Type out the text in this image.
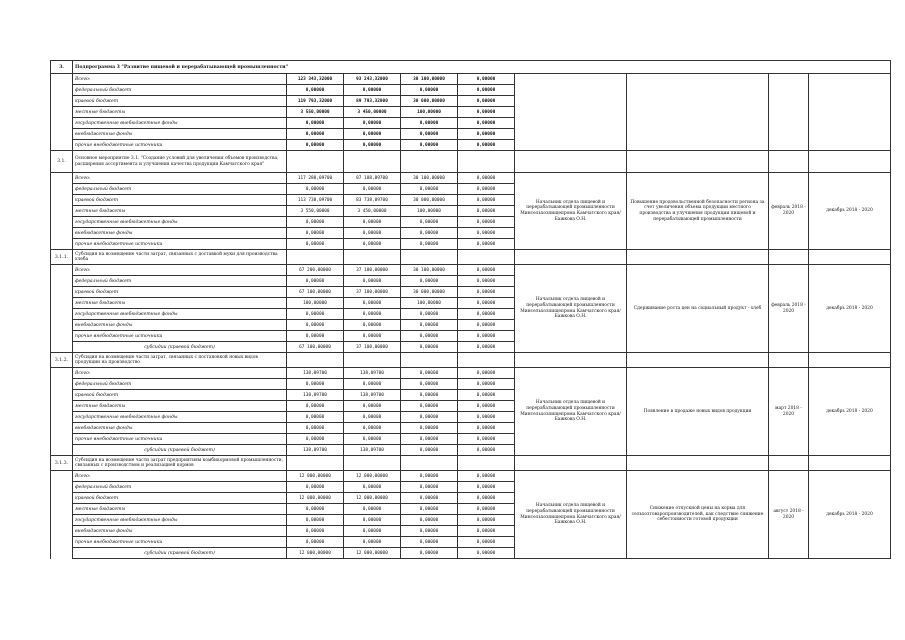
3.	Подпрограмма 3 "Развитие пищевой и перерабатывающей промышленности"								
	Всего:	123 343,32000	93 243,32000	30 100,00000	0,00000				
	федеральный бюджет	0,00000	0,00000	0,00000	0,00000				
	краевой бюджет	119 793,32000	89 793,32000	30 000,00000	0,00000				
	местные бюджеты	3 550,00000	3 450,00000	100,00000	0,00000				
	государственные внебюджетные фонды	0,00000	0,00000	0,00000	0,00000				
	внебюджетные фонды	0,00000	0,00000	0,00000	0,00000				
	прочие внебюджетные источники	0,00000	0,00000	0,00000	0,00000				
3.1.	Основное мероприятие 3.1. "Создание условий для увеличения объемов производства, расширения ассортимента и улучшения качества продукции Камчатского края"								
	Всего:	117 288,09700	87 188,09700	30 100,00000	0,00000	Начальник отдела пищевой и перерабатывающей промышленности Минсельхозпищепрома Камчатского края/ Бажкова О.Н.	Повышение продовольственной безопасности региона за счет увеличения объема продукции местного производства и улучшения продукции пищевой и перерабатывающей промышленности	февраль 2018 - 2020	декабрь 2018 - 2020
	федеральный бюджет	0,00000	0,00000	0,00000	0,00000				
	краевой бюджет	113 738,09700	83 738,09700	30 000,00000	0,00000				
	местные бюджеты	3 550,00000	3 450,00000	100,00000	0,00000				
	государственные внебюджетные фонды	0,00000	0,00000	0,00000	0,00000				
	внебюджетные фонды	0,00000	0,00000	0,00000	0,00000				
	прочие внебюджетные источники	0,00000	0,00000	0,00000	0,00000				
3.1.1.	Субсидия на возмещение части затрат, связанных с доставкой муки для производства хлеба								
	Всего:	67 200,00000	37 100,00000	30 100,00000	0,00000	Начальник отдела пищевой и перерабатывающей промышленности Минсельхозпищепрома Камчатского края/ Бажкова О.Н.	Сдерживание роста цен на социальный продукт - хлеб	февраль 2018 - 2020	декабрь 2018 - 2020
	федеральный бюджет	0,00000	0,00000	0,00000	0,00000				
	краевой бюджет	67 100,00000	37 100,00000	30 000,00000	0,00000				
	местные бюджеты	100,00000	0,00000	100,00000	0,00000				
	государственные внебюджетные фонды	0,00000	0,00000	0,00000	0,00000				
	внебюджетные фонды	0,00000	0,00000	0,00000	0,00000				
	прочие внебюджетные источники	0,00000	0,00000	0,00000	0,00000				
	субсидии (краевой бюджет)	67 100,00000	37 100,00000	0,00000	0,00000				
3.1.2.	Субсидия на возмещение части затрат, связанных с постановкой новых видов продукции на производство								
	Всего:	138,09700	138,09700	0,00000	0,00000	Начальник отдела пищевой и перерабатывающей промышленности Минсельхозпищепрома Камчатского края/ Бажкова О.Н.	Появление в продаже новых видов продукции	март 2018 - 2020	декабрь 2018 - 2020
	федеральный бюджет	0,00000	0,00000	0,00000	0,00000				
	краевой бюджет	138,09700	138,09700	0,00000	0,00000				
	местные бюджеты	0,00000	0,00000	0,00000	0,00000				
	государственные внебюджетные фонды	0,00000	0,00000	0,00000	0,00000				
	внебюджетные фонды	0,00000	0,00000	0,00000	0,00000				
	прочие внебюджетные источники	0,00000	0,00000	0,00000	0,00000				
	субсидии (краевой бюджет)	138,09700	138,09700	0,00000	0,00000				
3.1.3.	Субсидия на возмещение части затрат предприятиям комбикормовой промышленности, связанных с производством и реализацией кормов								
	Всего:	12 000,00000	12 000,00000	0,00000	0,00000	Начальник отдела пищевой и перерабатывающей промышленности Минсельхозпищепрома Камчатского края/ Бажкова О.Н.	Снижение отпускной цены на корма для сельхозтоваропроизводителей, как следствие снижение себестоимости готовой продукции	август 2018 - 2020	декабрь 2018 - 2020
	федеральный бюджет	0,00000	0,00000	0,00000	0,00000				
	краевой бюджет	12 000,00000	12 000,00000	0,00000	0,00000				
	местные бюджеты	0,00000	0,00000	0,00000	0,00000				
	государственные внебюджетные фонды	0,00000	0,00000	0,00000	0,00000				
	внебюджетные фонды	0,00000	0,00000	0,00000	0,00000				
	прочие внебюджетные источники	0,00000	0,00000	0,00000	0,00000				
	субсидии (краевой бюджет)	12 000,00000	12 000,00000	0,00000	0,00000				
